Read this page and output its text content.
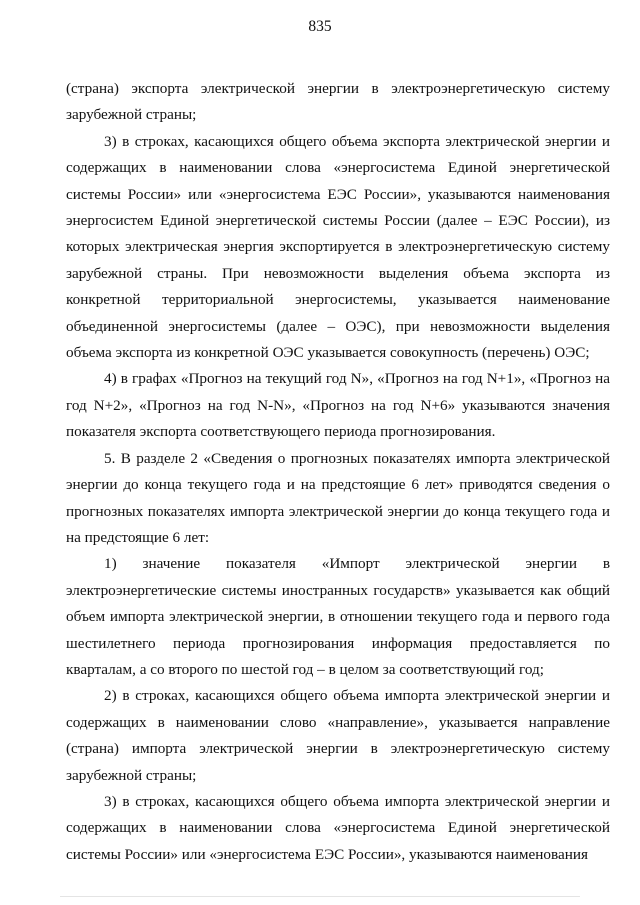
835

(страна) экспорта электрической энергии в электроэнергетическую систему зарубежной страны;

3) в строках, касающихся общего объема экспорта электрической энергии и содержащих в наименовании слова «энергосистема Единой энергетической системы России» или «энергосистема ЕЭС России», указываются наименования энергосистем Единой энергетической системы России (далее – ЕЭС России), из которых электрическая энергия экспортируется в электроэнергетическую систему зарубежной страны. При невозможности выделения объема экспорта из конкретной территориальной энергосистемы, указывается наименование объединенной энергосистемы (далее – ОЭС), при невозможности выделения объема экспорта из конкретной ОЭС указывается совокупность (перечень) ОЭС;

4) в графах «Прогноз на текущий год N», «Прогноз на год N+1», «Прогноз на год N+2», «Прогноз на год N-N», «Прогноз на год N+6» указываются значения показателя экспорта соответствующего периода прогнозирования.

5. В разделе 2 «Сведения о прогнозных показателях импорта электрической энергии до конца текущего года и на предстоящие 6 лет» приводятся сведения о прогнозных показателях импорта электрической энергии до конца текущего года и на предстоящие 6 лет:

1) значение показателя «Импорт электрической энергии в электроэнергетические системы иностранных государств» указывается как общий объем импорта электрической энергии, в отношении текущего года и первого года шестилетнего периода прогнозирования информация предоставляется по кварталам, а со второго по шестой год – в целом за соответствующий год;

2) в строках, касающихся общего объема импорта электрической энергии и содержащих в наименовании слово «направление», указывается направление (страна) импорта электрической энергии в электроэнергетическую систему зарубежной страны;

3) в строках, касающихся общего объема импорта электрической энергии и содержащих в наименовании слова «энергосистема Единой энергетической системы России» или «энергосистема ЕЭС России», указываются наименования
